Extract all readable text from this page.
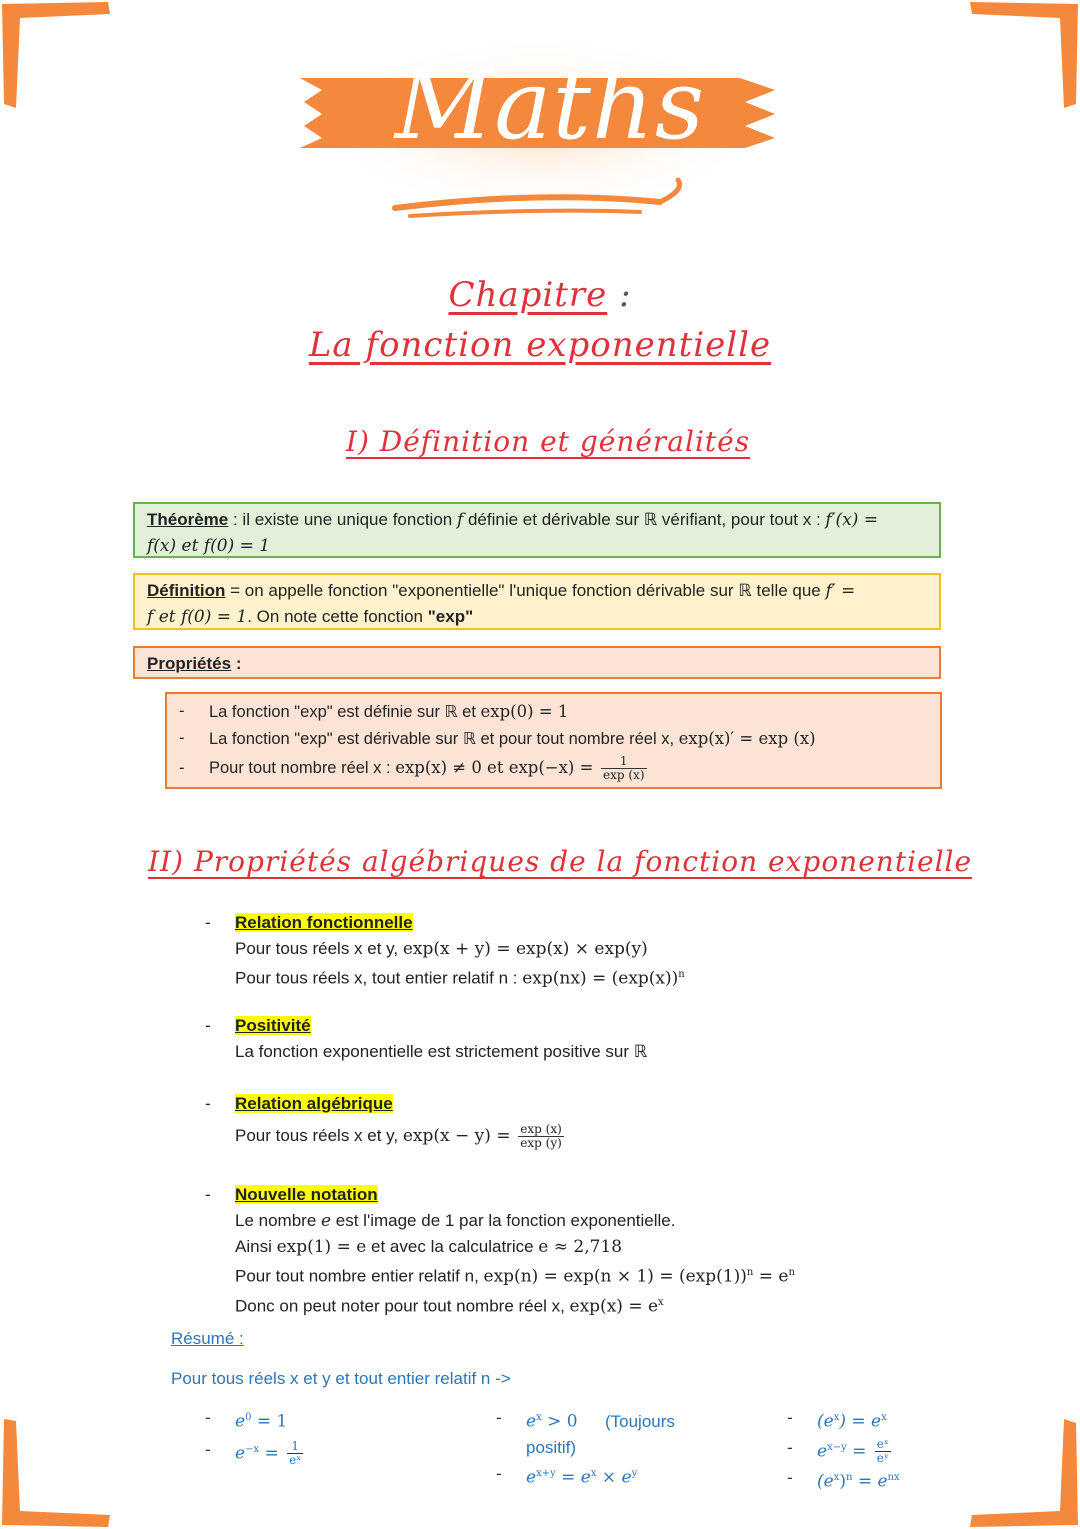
Maths
Chapitre :
La fonction exponentielle
I) Définition et généralités
Théorème : il existe une unique fonction f définie et dérivable sur ℝ vérifiant, pour tout x : f′(x) =
f(x) et f(0) = 1
Définition = on appelle fonction "exponentielle" l'unique fonction dérivable sur ℝ telle que f′ =
f et f(0) = 1. On note cette fonction "exp"
Propriétés :
- La fonction "exp" est définie sur ℝ et exp(0) = 1
- La fonction "exp" est dérivable sur ℝ et pour tout nombre réel x, exp(x)′ = exp (x)
- Pour tout nombre réel x : exp(x) ≠ 0 et $\exp(-x) = \frac{1}{\exp (x)}$
II) Propriétés algébriques de la fonction exponentielle
- Relation fonctionnelle
Pour tous réels x et y, exp(x + y) = exp(x) × exp(y)
Pour tous réels x, tout entier relatif n : $\exp(nx) = (\exp(x))^n$
- Positivité
La fonction exponentielle est strictement positive sur ℝ
- Relation algébrique

Pour tous réels x et y, $\exp(x - y) = \frac{\exp (x)}{\exp (y)}$
- Nouvelle notation
Le nombre e est l'image de 1 par la fonction exponentielle.
Ainsi exp(1) = e et avec la calculatrice e ≈ 2,718
Pour tout nombre entier relatif n, $\exp(n) = \exp(n \times 1) = (\exp(1))^n = e^n$
Donc on peut noter pour tout nombre réel x, $\exp(x) = e^x$
Résumé :
Pour tous réels x et y et tout entier relatif n ->
- $e^0 = 1$
- $e^{-x} = \frac{1}{\text{eˣ}}$
- $e^x > 0$ (Toujours
positif)
- $e^{x+y} = e^x \times e^y$
- $(e^x) = e^x$
- $e^{x-y} = \frac{\text{eˣ}}{\text{eʸ}}$
- $(e^x)^n = e^{nx}$
